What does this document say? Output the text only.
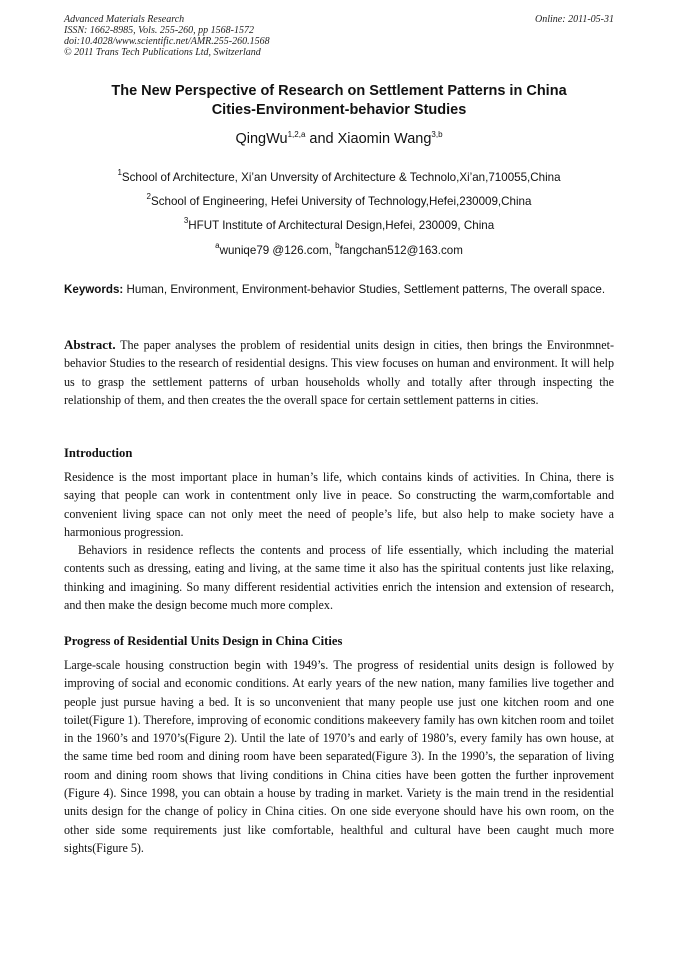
Advanced Materials Research
ISSN: 1662-8985, Vols. 255-260, pp 1568-1572
doi:10.4028/www.scientific.net/AMR.255-260.1568
© 2011 Trans Tech Publications Ltd, Switzerland
Online: 2011-05-31
The New Perspective of Research on Settlement Patterns in China
Cities-Environment-behavior Studies
QingWu$^{1,2,a}$ and Xiaomin Wang$^{3,b}$
$^1$School of Architecture, Xi’an Unversity of Architecture & Technolo,Xi’an,710055,China
$^2$School of Engineering, Hefei University of Technology,Hefei,230009,China
$^3$HFUT Institute of Architectural Design,Hefei, 230009, China
$^a$wuniqe79 @126.com, $^b$fangchan512@163.com
Keywords: Human, Environment, Environment-behavior Studies, Settlement patterns, The overall space.
Abstract. The paper analyses the problem of residential units design in cities, then brings the Environmnet-behavior Studies to the research of residential designs. This view focuses on human and environment. It will help us to grasp the settlement patterns of urban households wholly and totally after through inspecting the relationship of them, and then creates the the overall space for certain settlement patterns in cities.
Introduction
Residence is the most important place in human’s life, which contains kinds of activities. In China, there is saying that people can work in contentment only live in peace. So constructing the warm,comfortable and convenient living space can not only meet the need of people’s life, but also help to make society have a harmonious progression.
Behaviors in residence reflects the contents and process of life essentially, which including the material contents such as dressing, eating and living, at the same time it also has the spiritual contents just like relaxing, thinking and imagining. So many different residential activities enrich the intension and extension of research, and then make the design become much more complex.
Progress of Residential Units Design in China Cities
Large-scale housing construction begin with 1949’s. The progress of residential units design is followed by improving of social and economic conditions. At early years of the new nation, many families live together and people just pursue having a bed. It is so unconvenient that many people use just one kitchen room and one toilet(Figure 1). Therefore, improving of economic conditions makeevery family has own kitchen room and toilet in the 1960’s and 1970’s(Figure 2). Until the late of 1970’s and early of 1980’s, every family has own house, at the same time bed room and dining room have been separated(Figure 3). In the 1990’s, the separation of living room and dining room shows that living conditions in China cities have been gotten the further inprovement (Figure 4). Since 1998, you can obtain a house by trading in market. Variety is the main trend in the residential units design for the change of policy in China cities. On one side everyone should have his own room, on the other side some requirements just like comfortable, healthful and cultural have been caught much more sights(Figure 5).
